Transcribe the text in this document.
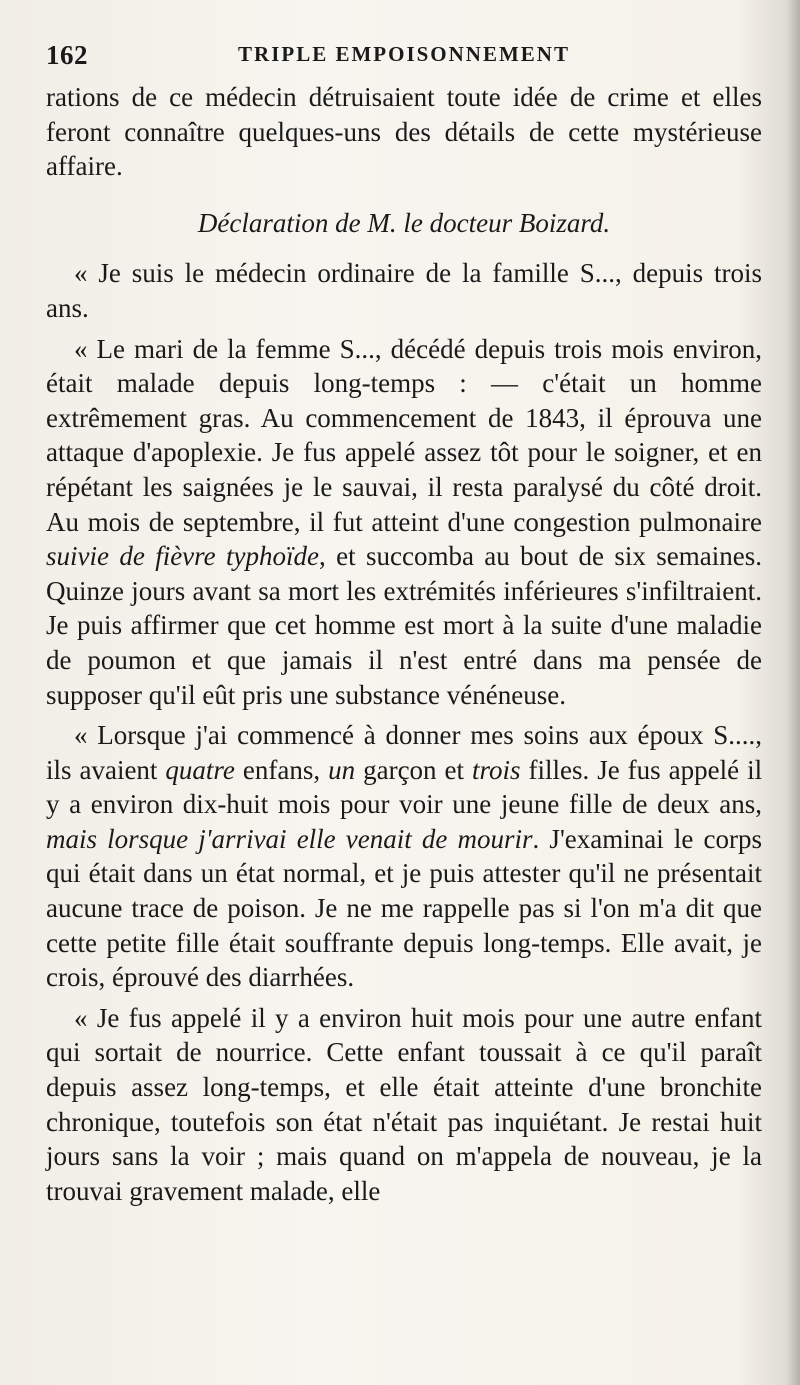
162	TRIPLE EMPOISONNEMENT

rations de ce médecin détruisaient toute idée de crime et elles feront connaître quelques-uns des détails de cette mystérieuse affaire.

Déclaration de M. le docteur Boizard.

« Je suis le médecin ordinaire de la famille S..., depuis trois ans.

« Le mari de la femme S..., décédé depuis trois mois environ, était malade depuis long-temps : — c'était un homme extrêmement gras. Au commencement de 1843, il éprouva une attaque d'apoplexie. Je fus appelé assez tôt pour le soigner, et en répétant les saignées je le sauvai, il resta paralysé du côté droit. Au mois de septembre, il fut atteint d'une congestion pulmonaire suivie de fièvre typhoïde, et succomba au bout de six semaines. Quinze jours avant sa mort les extrémités inférieures s'infiltraient. Je puis affirmer que cet homme est mort à la suite d'une maladie de poumon et que jamais il n'est entré dans ma pensée de supposer qu'il eût pris une substance vénéneuse.

« Lorsque j'ai commencé à donner mes soins aux époux S...., ils avaient quatre enfans, un garçon et trois filles. Je fus appelé il y a environ dix-huit mois pour voir une jeune fille de deux ans, mais lorsque j'arrivai elle venait de mourir. J'examinai le corps qui était dans un état normal, et je puis attester qu'il ne présentait aucune trace de poison. Je ne me rappelle pas si l'on m'a dit que cette petite fille était souffrante depuis long-temps. Elle avait, je crois, éprouvé des diarrhées.

« Je fus appelé il y a environ huit mois pour une autre enfant qui sortait de nourrice. Cette enfant toussait à ce qu'il paraît depuis assez long-temps, et elle était atteinte d'une bronchite chronique, toutefois son état n'était pas inquiétant. Je restai huit jours sans la voir ; mais quand on m'appela de nouveau, je la trouvai gravement malade, elle
